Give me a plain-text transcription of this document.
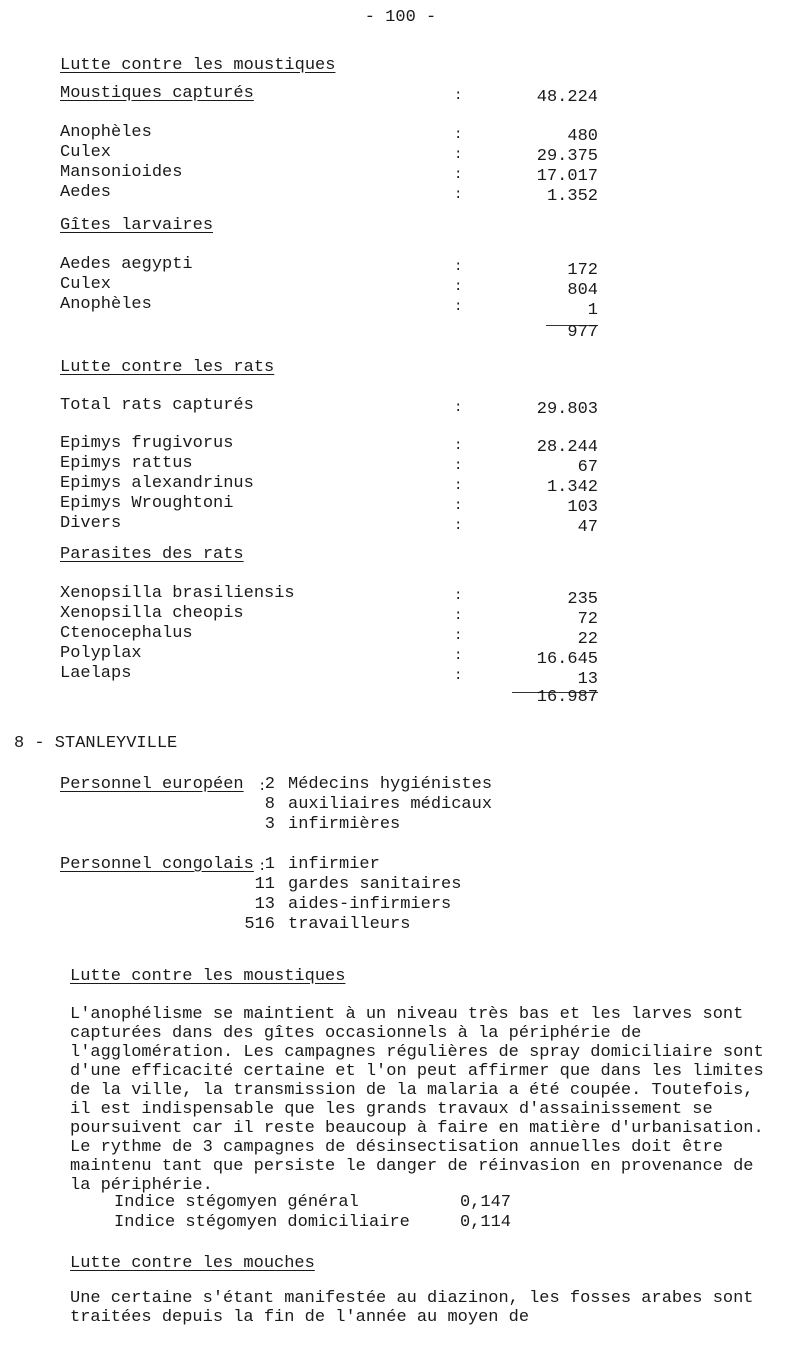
- 100 -
Lutte contre les moustiques
Moustiques capturés	:	48.224
Anophèles	:	480
Culex	:	29.375
Mansonioides	:	17.017
Aedes	:	1.352
Gîtes larvaires
Aedes aegypti	:	172
Culex	:	804
Anophèles	:	1
977
Lutte contre les rats
Total rats capturés	:	29.803
Epimys frugivorus	:	28.244
Epimys rattus	:	67
Epimys alexandrinus	:	1.342
Epimys Wroughtoni	:	103
Divers	:	47
Parasites des rats
Xenopsilla brasiliensis	:	235
Xenopsilla cheopis	:	72
Ctenocephalus	:	22
Polyplax	:	16.645
Laelaps	:	13
16.987
8 - STANLEYVILLE
Personnel européen :
2 Médecins hygiénistes
8 auxiliaires médicaux
3 infirmières
Personnel congolais :
1 infirmier
11 gardes sanitaires
13 aides-infirmiers
516 travailleurs
Lutte contre les moustiques
L'anophélisme se maintient à un niveau très bas et les larves sont capturées dans des gîtes occasionnels à la périphérie de l'agglomération. Les campagnes régulières de spray domiciliaire sont d'une efficacité certaine et l'on peut affirmer que dans les limites de la ville, la transmission de la malaria a été coupée. Toutefois, il est indispensable que les grands travaux d'assainissement se poursuivent car il reste beaucoup à faire en matière d'urbanisation. Le rythme de 3 campagnes de désinsectisation annuelles doit être maintenu tant que persiste le danger de réinvasion en provenance de la périphérie.
Indice stégomyen général	0,147
Indice stégomyen domiciliaire	0,114
Lutte contre les mouches
Une certaine s'étant manifestée au diazinon, les fosses arabes sont traitées depuis la fin de l'année au moyen de
